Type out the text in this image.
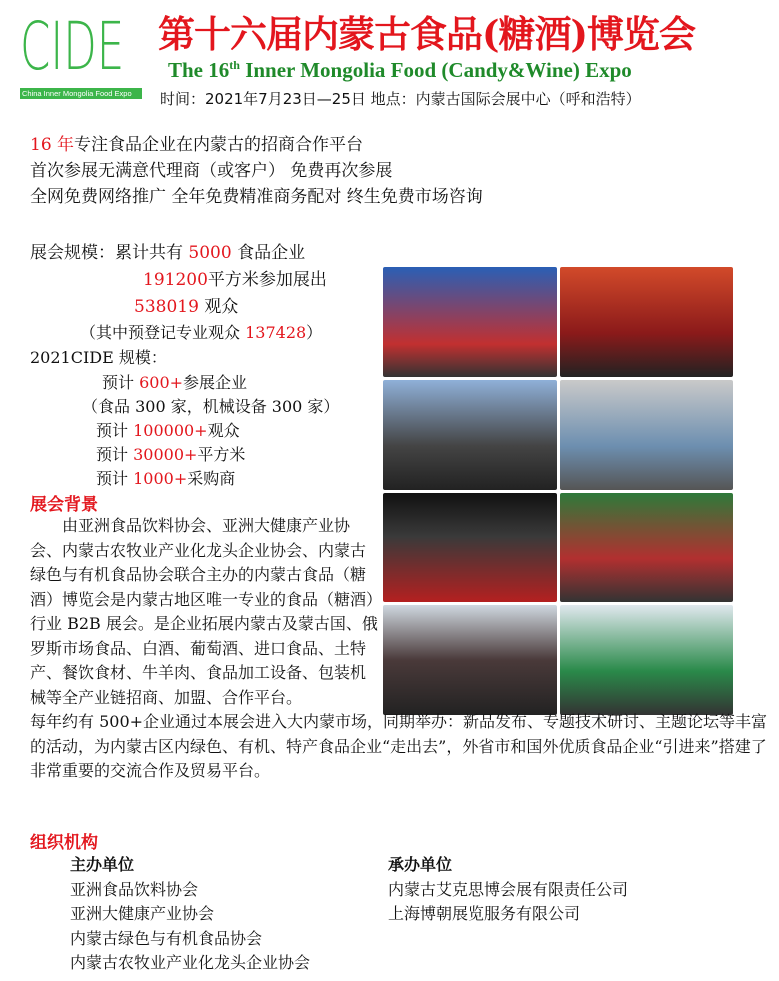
CIDE
China Inner Mongolia Food Expo
第十六届内蒙古食品(糖酒)博览会
The 16th Inner Mongolia Food (Candy&Wine) Expo
时间：2021年7月23日—25日 地点：内蒙古国际会展中心（呼和浩特）
16 年专注食品企业在内蒙古的招商合作平台
首次参展无满意代理商（或客户） 免费再次参展
全网免费网络推广 全年免费精准商务配对 终生免费市场咨询
展会规模：累计共有 5000 食品企业
191200平方米参加展出
538019 观众
（其中预登记专业观众 137428）
2021CIDE 规模：
预计 600+参展企业
（食品 300 家，机械设备 300 家）
预计 100000+观众
预计 30000+平方米
预计 1000+采购商
展会背景
由亚洲食品饮料协会、亚洲大健康产业协会、内蒙古农牧业产业化龙头企业协会、内蒙古绿色与有机食品协会联合主办的内蒙古食品（糖酒）博览会是内蒙古地区唯一专业的食品（糖酒）行业 B2B 展会。是企业拓展内蒙古及蒙古国、俄罗斯市场食品、白酒、葡萄酒、进口食品、土特产、餐饮食材、牛羊肉、食品加工设备、包装机械等全产业链招商、加盟、合作平台。
每年约有 500+企业通过本展会进入大内蒙市场，同期举办：新品发布、专题技术研讨、主题论坛等丰富的活动，为内蒙古区内绿色、有机、特产食品企业“走出去”，外省市和国外优质食品企业“引进来”搭建了非常重要的交流合作及贸易平台。
组织机构
主办单位
亚洲食品饮料协会
亚洲大健康产业协会
内蒙古绿色与有机食品协会
内蒙古农牧业产业化龙头企业协会
承办单位
内蒙古艾克思博会展有限责任公司
上海博朝展览服务有限公司
